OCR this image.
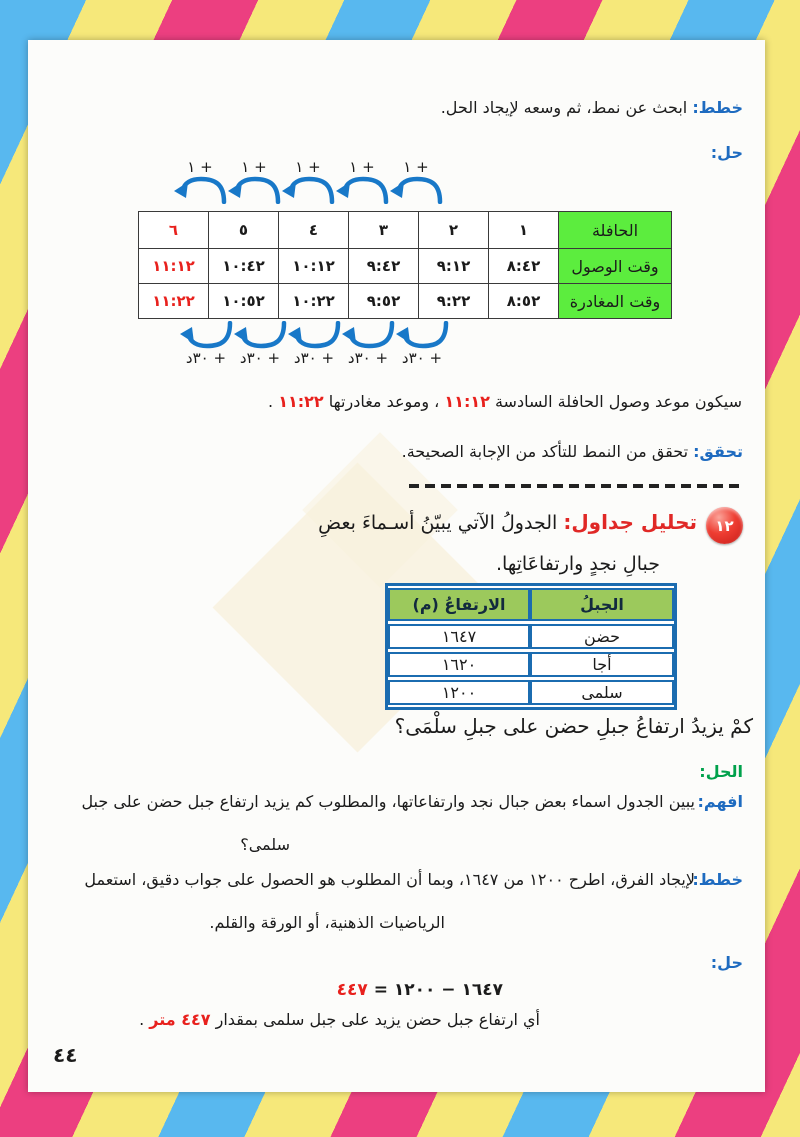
خطط: ابحث عن نمط، ثم وسعه لإيجاد الحل.
حل:
+ ١
+ ١
+ ١
+ ١
+ ١
الحافلة	١	٢	٣	٤	٥	٦
وقت الوصول	٨:٤٢	٩:١٢	٩:٤٢	١٠:١٢	١٠:٤٢	١١:١٢
وقت المغادرة	٨:٥٢	٩:٢٢	٩:٥٢	١٠:٢٢	١٠:٥٢	١١:٢٢
+ ٣٠د
+ ٣٠د
+ ٣٠د
+ ٣٠د
+ ٣٠د
سيكون موعد وصول الحافلة السادسة ١١:١٢ ، وموعد مغادرتها ١١:٢٢ .
تحقق: تحقق من النمط للتأكد من الإجابة الصحيحة.
١٢
تحليل جداول: الجدولُ الآتي يبيّنُ أسـماءَ بعضِ
جبالِ نجدٍ وارتفاعَاتِها.
الجبلُ	الارتفاعُ (م)
حضن	١٦٤٧
أجا	١٦٢٠
سلمى	١٢٠٠
كمْ يزيدُ ارتفاعُ جبلِ حضن على جبلِ سلْمَى؟
الحل:
افهم:
يبين الجدول اسماء بعض جبال نجد وارتفاعاتها، والمطلوب كم يزيد ارتفاع جبل حضن على جبل
سلمى؟
خطط:
لإيجاد الفرق، اطرح ١٢٠٠ من ١٦٤٧، وبما أن المطلوب هو الحصول على جواب دقيق، استعمل
الرياضيات الذهنية، أو الورقة والقلم.
حل:
١٦٤٧ − ١٢٠٠ = ٤٤٧
أي ارتفاع جبل حضن يزيد على جبل سلمى بمقدار ٤٤٧ متر .
٤٤
